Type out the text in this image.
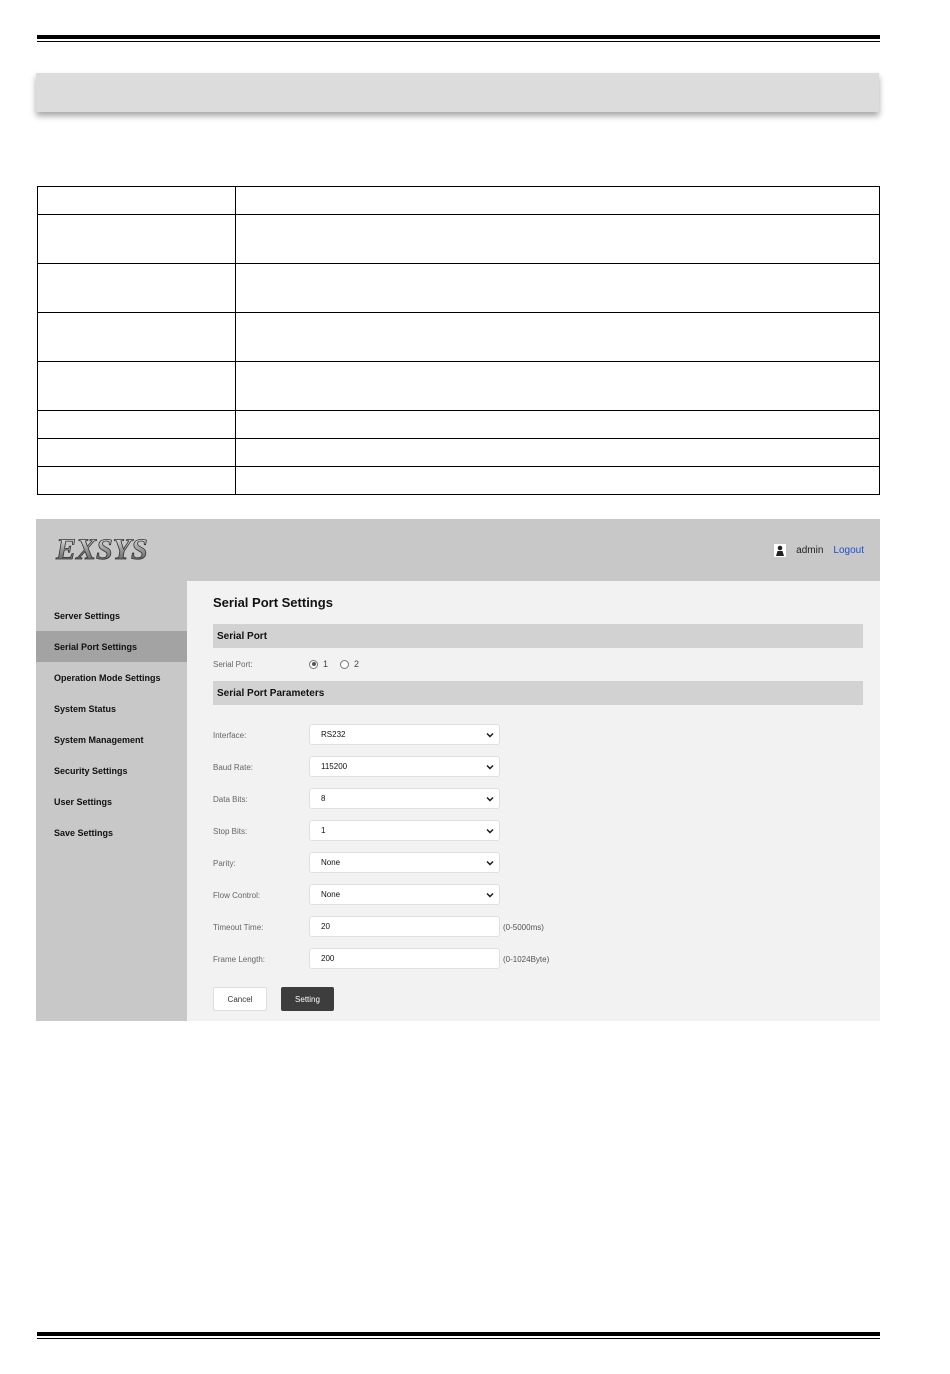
EXSYS	admin Logout
Server Settings
Serial Port Settings
Operation Mode Settings
System Status
System Management
Security Settings
User Settings
Save Settings
Serial Port Settings
Serial Port
Serial Port:	1	2
Serial Port Parameters
Interface:	RS232
Baud Rate:	115200
Data Bits:	8
Stop Bits:	1
Parity:	None
Flow Control:	None
Timeout Time:	20	(0-5000ms)
Frame Length:	200	(0-1024Byte)
Cancel	Setting
